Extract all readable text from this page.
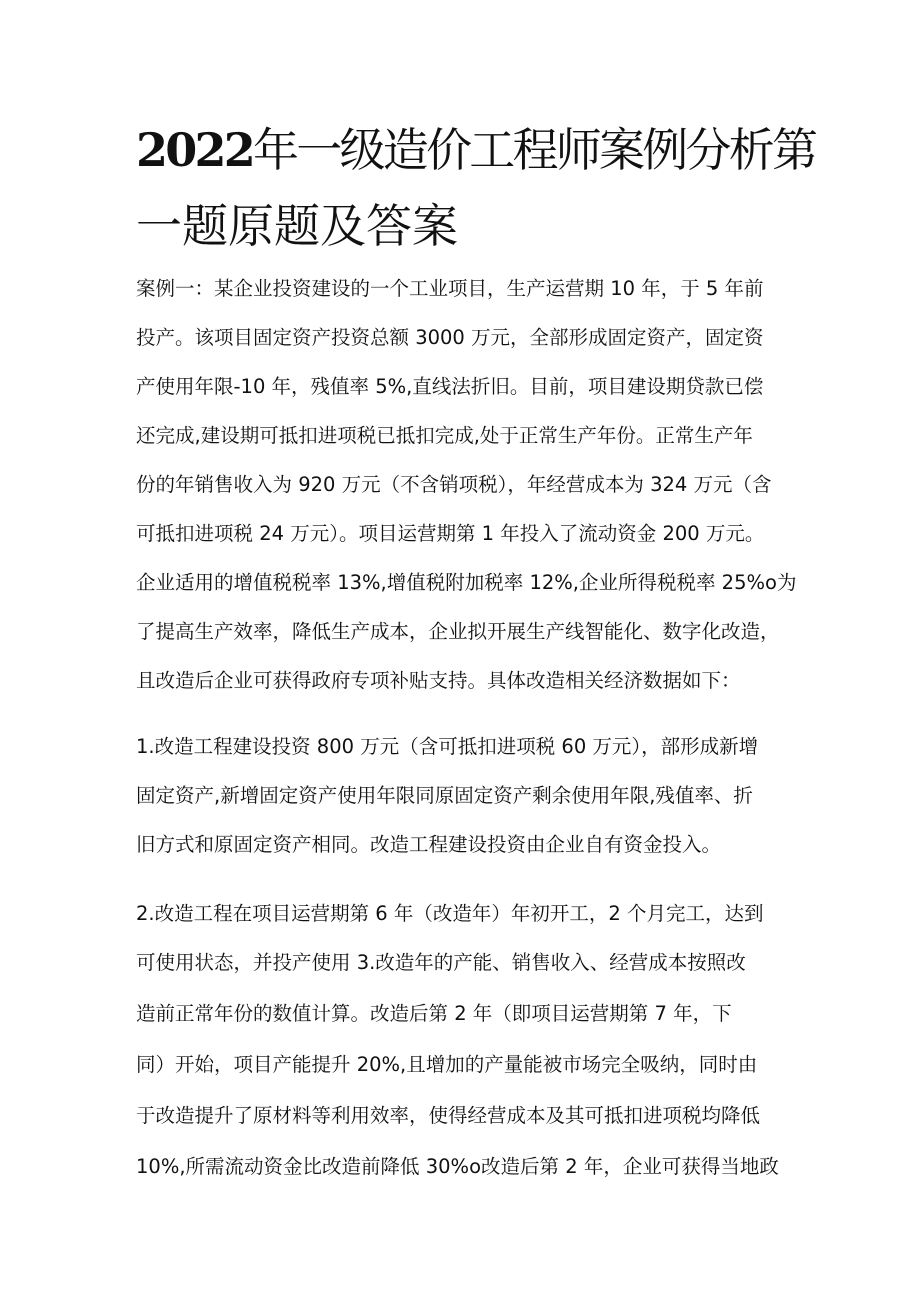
2022年一级造价工程师案例分析第
一题原题及答案
案例一：某企业投资建设的一个工业项目，生产运营期 10 年，于 5 年前
投产。该项目固定资产投资总额 3000 万元，全部形成固定资产，固定资
产使用年限-10 年，残值率 5%,直线法折旧。目前，项目建设期贷款已偿
还完成,建设期可抵扣进项税已抵扣完成,处于正常生产年份。正常生产年
份的年销售收入为 920 万元（不含销项税），年经营成本为 324 万元（含
可抵扣进项税 24 万元）。项目运营期第 1 年投入了流动资金 200 万元。
企业适用的增值税税率 13%,增值税附加税率 12%,企业所得税税率 25%o为
了提高生产效率，降低生产成本，企业拟开展生产线智能化、数字化改造，
且改造后企业可获得政府专项补贴支持。具体改造相关经济数据如下：
1.改造工程建设投资 800 万元（含可抵扣进项税 60 万元），部形成新增
固定资产,新增固定资产使用年限同原固定资产剩余使用年限,残值率、折
旧方式和原固定资产相同。改造工程建设投资由企业自有资金投入。
2.改造工程在项目运营期第 6 年（改造年）年初开工，2 个月完工，达到
可使用状态，并投产使用 3.改造年的产能、销售收入、经营成本按照改
造前正常年份的数值计算。改造后第 2 年（即项目运营期第 7 年，下
同）开始，项目产能提升 20%,且增加的产量能被市场完全吸纳，同时由
于改造提升了原材料等利用效率，使得经营成本及其可抵扣进项税均降低
10%,所需流动资金比改造前降低 30%o改造后第 2 年，企业可获得当地政
